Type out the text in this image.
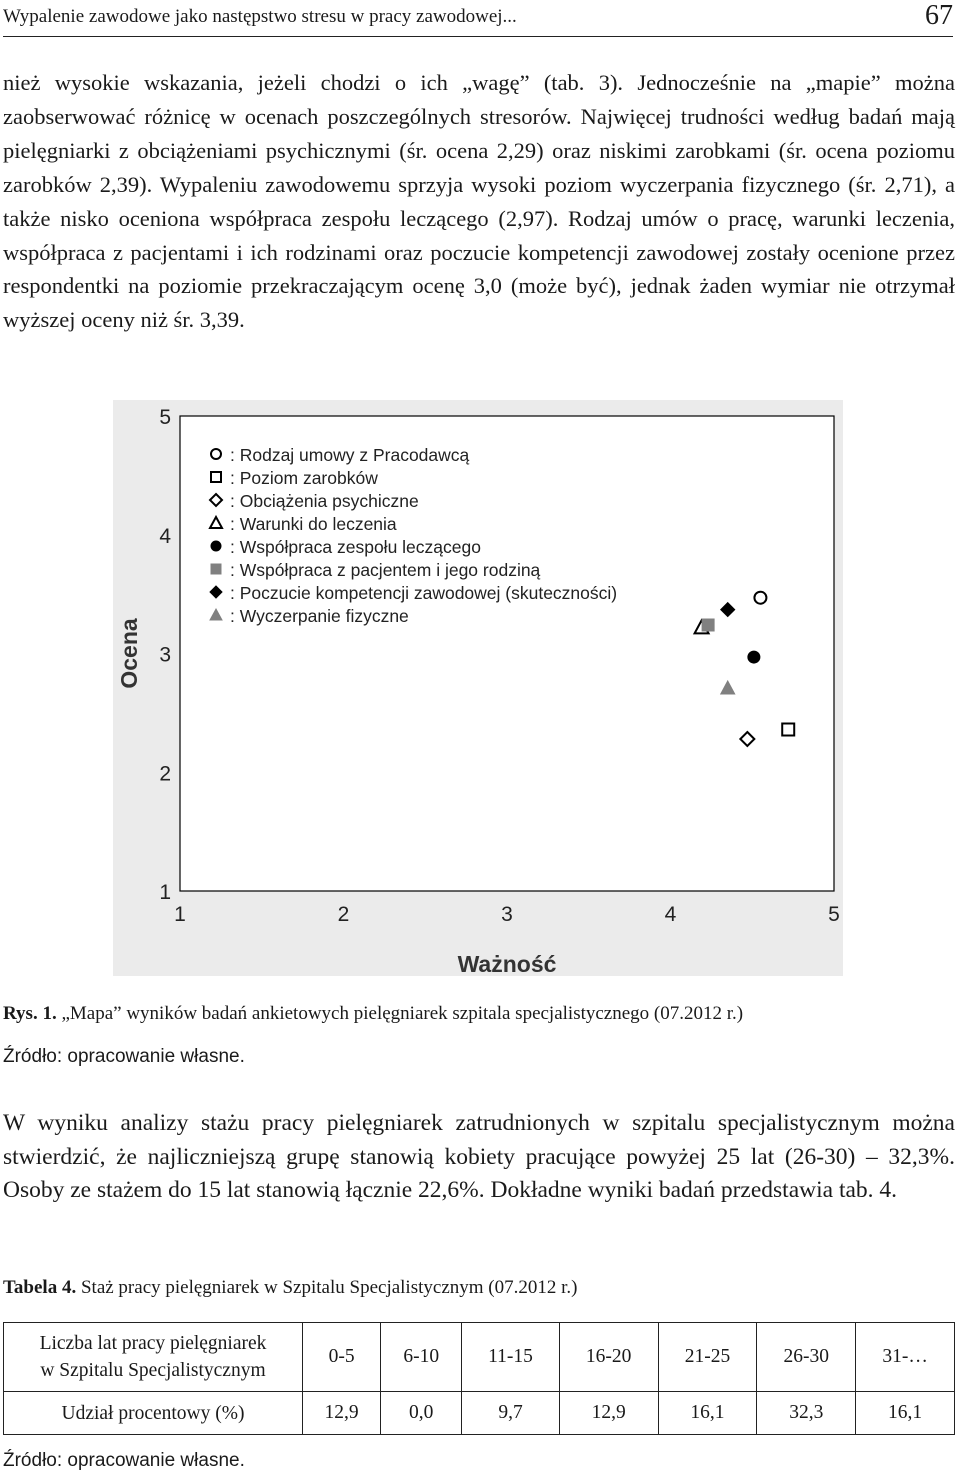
Wypalenie zawodowe jako następstwo stresu w pracy zawodowej...	67

nież wysokie wskazania, jeżeli chodzi o ich „wagę” (tab. 3). Jednocześnie na „mapie” można zaobserwować różnicę w ocenach poszczególnych stresorów. Najwięcej trudności według badań mają pielęgniarki z obciążeniami psychicznymi (śr. ocena 2,29) oraz niskimi zarobkami (śr. ocena poziomu zarobków 2,39). Wypaleniu zawodowemu sprzyja wysoki poziom wyczerpania fizycznego (śr. 2,71), a także nisko oceniona współpraca zespołu leczącego (2,97). Rodzaj umów o pracę, warunki leczenia, współpraca z pacjentami i ich rodzinami oraz poczucie kompetencji zawodowej zostały ocenione przez respondentki na poziomie przekraczającym ocenę 3,0 (może być), jednak żaden wymiar nie otrzymał wyższej oceny niż śr. 3,39.

1	2	3	4	5
1
2
3
4
5
Ważność
Ocena
: Rodzaj umowy z Pracodawcą
: Poziom zarobków
: Obciążenia psychiczne
: Warunki do leczenia
: Współpraca zespołu leczącego
: Współpraca z pacjentem i jego rodziną
: Poczucie kompetencji zawodowej (skuteczności)
: Wyczerpanie fizyczne
Rys. 1. „Mapa” wyników badań ankietowych pielęgniarek szpitala specjalistycznego (07.2012 r.)
Źródło: opracowanie własne.

W wyniku analizy stażu pracy pielęgniarek zatrudnionych w szpitalu specjalistycznym można stwierdzić, że najliczniejszą grupę stanowią kobiety pracujące powyżej 25 lat (26-30) – 32,3%. Osoby ze stażem do 15 lat stanowią łącznie 22,6%. Dokładne wyniki badań przedstawia tab. 4.

Tabela 4. Staż pracy pielęgniarek w Szpitalu Specjalistycznym (07.2012 r.)
Liczba lat pracy pielęgniarek
w Szpitalu Specjalistycznym	0-5	6-10	11-15	16-20	21-25	26-30	31-…
Udział procentowy (%)	12,9	0,0	9,7	12,9	16,1	32,3	16,1
Źródło: opracowanie własne.
